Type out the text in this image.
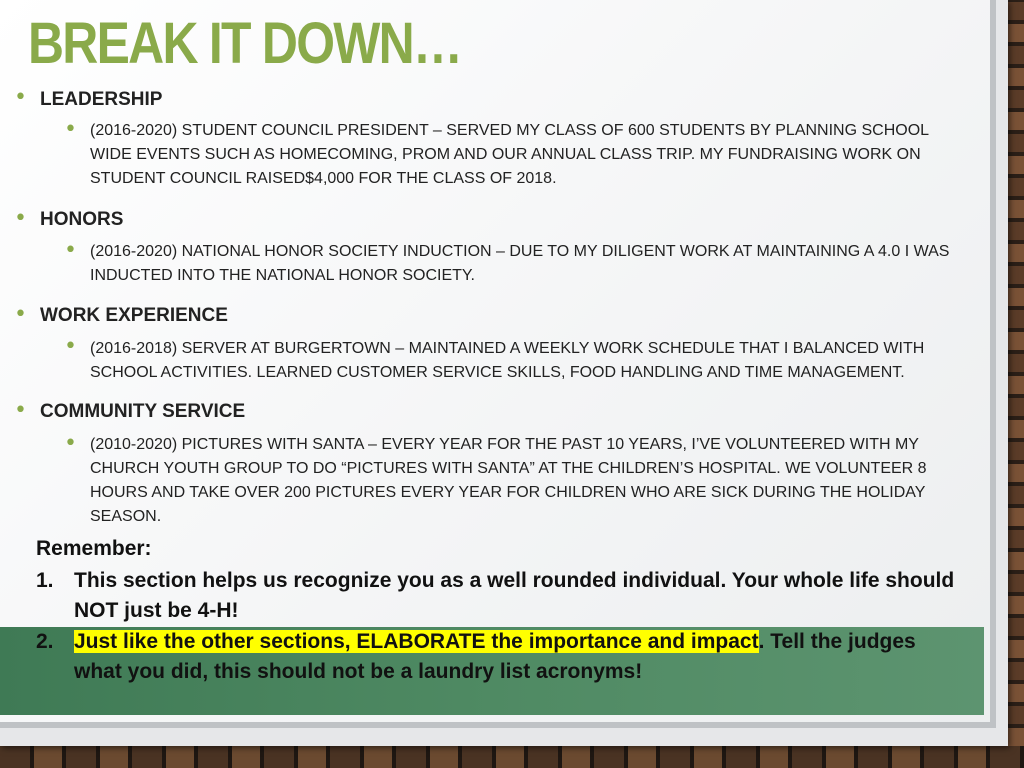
BREAK IT DOWN…
• LEADERSHIP
• (2016-2020) STUDENT COUNCIL PRESIDENT – SERVED MY CLASS OF 600 STUDENTS BY PLANNING SCHOOL WIDE EVENTS SUCH AS HOMECOMING, PROM AND OUR ANNUAL CLASS TRIP. MY FUNDRAISING WORK ON STUDENT COUNCIL RAISED$4,000 FOR THE CLASS OF 2018.
• HONORS
• (2016-2020) NATIONAL HONOR SOCIETY INDUCTION – DUE TO MY DILIGENT WORK AT MAINTAINING A 4.0 I WAS INDUCTED INTO THE NATIONAL HONOR SOCIETY.
• WORK EXPERIENCE
• (2016-2018) SERVER AT BURGERTOWN – MAINTAINED A WEEKLY WORK SCHEDULE THAT I BALANCED WITH SCHOOL ACTIVITIES. LEARNED CUSTOMER SERVICE SKILLS, FOOD HANDLING AND TIME MANAGEMENT.
• COMMUNITY SERVICE
• (2010-2020) PICTURES WITH SANTA – EVERY YEAR FOR THE PAST 10 YEARS, I’VE VOLUNTEERED WITH MY CHURCH YOUTH GROUP TO DO “PICTURES WITH SANTA” AT THE CHILDREN’S HOSPITAL. WE VOLUNTEER 8 HOURS AND TAKE OVER 200 PICTURES EVERY YEAR FOR CHILDREN WHO ARE SICK DURING THE HOLIDAY SEASON.
Remember:
1. This section helps us recognize you as a well rounded individual. Your whole life should NOT just be 4-H!
2. Just like the other sections, ELABORATE the importance and impact. Tell the judges what you did, this should not be a laundry list acronyms!
